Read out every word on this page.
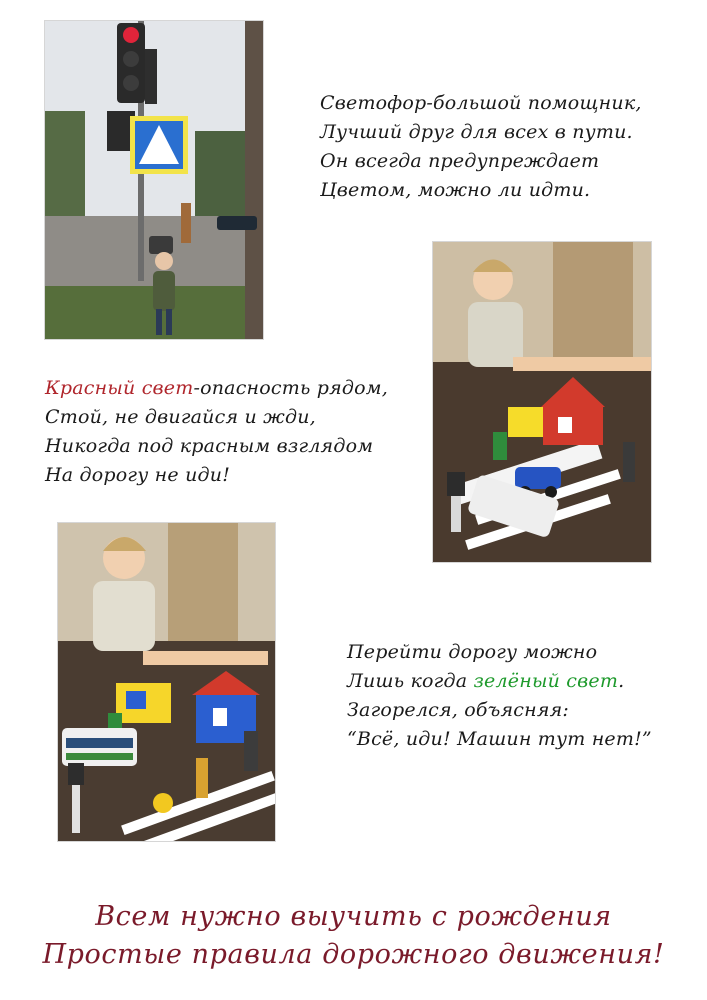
Светофор-большой помощник,
Лучший друг для всех в пути.
Он всегда предупреждает
Цветом, можно ли идти.
Красный свет-опасность рядом,
Стой, не двигайся и жди,
Никогда под красным взглядом
На дорогу не иди!
Перейти дорогу можно
Лишь когда зелёный свет.
Загорелся, объясняя:
“Всё, иди! Машин тут нет!”
Всем нужно выучить с рождения
Простые правила дорожного движения!
